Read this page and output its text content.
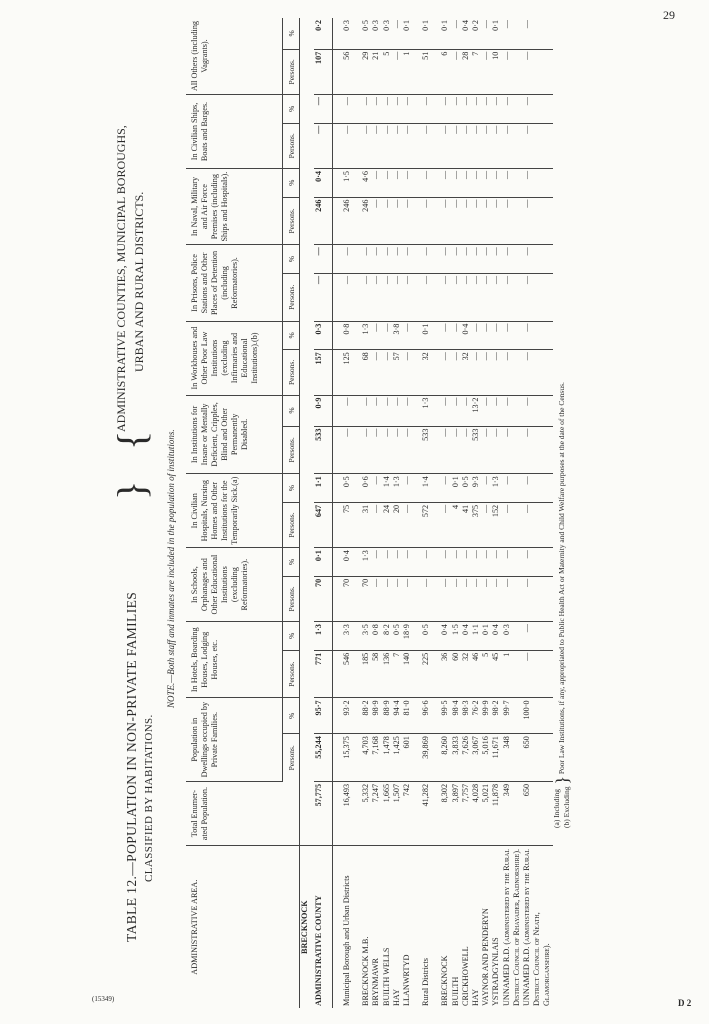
29
(15349)	D 2
TABLE 12.—POPULATION IN NON-PRIVATE FAMILIES CLASSIFIED BY HABITATIONS.
}
{
ADMINISTRATIVE COUNTIES, MUNICIPAL BOROUGHS, URBAN AND RURAL DISTRICTS.
NOTE.—Both staff and inmates are included in the population of institutions.
ADMINISTRATIVE AREA.	Total Enumer- ated Population.	Population in Dwellings occupied by Private Families.		In Hotels, Boarding Houses, Lodging Houses, etc.		In Schools, Orphanages and Other Educational Institutions (excluding Reformatories).		In Civilian Hospitals, Nursing Homes and Other Institutions for the Temporarily Sick.(a)		In Institutions for Insane or Mentally Deficient, Cripples, Blind and Other Permanently Disabled.		In Workhouses and Other Poor Law Institutions (excluding Infirmaries and Educational Institutions).(b)		In Prisons, Police Stations and Other Places of Detention (including Reformatories).		In Naval, Military and Air Force Premises (including Ships and Hospitals).		In Civilian Ships, Boats and Barges.		All Others (including Vagrants).	
		Persons.	%	Persons.	%	Persons.	%	Persons.	%	Persons.	%	Persons.	%	Persons.	%	Persons.	%	Persons.	%	Persons.	%
BRECKNOCK																					
ADMINISTRATIVE COUNTY	57,775	55,244	95·7	771	1·3	70	0·1	647	1·1	533	0·9	157	0·3	—	—	246	0·4	—	—	107	0·2

Municipal Borough and Urban Districts	16,493	15,375	93·2	546	3·3	70	0·4	75	0·5	—	—	125	0·8	—	—	246	1·5	—	—	56	0·3

BRECKNOCK M.B.	5,332	4,703	88·2	185	3·5	70	1·3	31	0·6	—	—	68	1·3	—	—	246	4·6	—	—	29	0·5
BRYNMAWR	7,247	7,168	98·9	58	0·8	—	—	—	—	—	—	—	—	—	—	—	—	—	—	21	0·3
BUILTH WELLS	1,665	1,478	88·9	136	8·2	—	—	24	1·4	—	—	—	—	—	—	—	—	—	—	5	0·3
HAY	1,507	1,425	94·4	7	0·5	—	—	20	1·3	—	—	57	3·8	—	—	—	—	—	—	—	—
LLANWRTYD	742	601	81·0	140	18·9	—	—	—	—	—	—	—	—	—	—	—	—	—	—	1	0·1

Rural Districts	41,282	39,869	96·6	225	0·5	—	—	572	1·4	533	1·3	32	0·1	—	—	—	—	—	—	51	0·1

BRECKNOCK	8,302	8,260	99·5	36	0·4	—	—	—	—	—	—	—	—	—	—	—	—	—	—	6	0·1
BUILTH	3,897	3,833	98·4	60	1·5	—	—	4	0·1	—	—	—	—	—	—	—	—	—	—	—	—
CRICKHOWELL	7,757	7,626	98·3	32	0·4	—	—	41	0·5	—	—	32	0·4	—	—	—	—	—	—	28	0·4
HAY	4,028	3,067	76·2	46	1·1	—	—	375	9·3	533	13·2	—	—	—	—	—	—	—	—	7	0·2
VAYNOR AND PENDERYN	5,021	5,016	99·9	5	0·1	—	—	—	—	—	—	—	—	—	—	—	—	—	—	—	—
YSTRADGYNLAIS	11,878	11,671	98·2	45	0·4	—	—	152	1·3	—	—	—	—	—	—	—	—	—	—	10	0·1
UNNAMED R.D. (administered by the Rural District Council of Rhayader, Radnorshire).	349	348	99·7	1	0·3	—	—	—	—	—	—	—	—	—	—	—	—	—	—	—	—
UNNAMED R.D. (administered by the Rural District Council of Neath, Glamorganshire).	650	650	100·0	—	—	—	—	—	—	—	—	—	—	—	—	—	—	—	—	—	—
(a) Including
(b) Excluding } Poor Law Institutions, if any, appropriated to Public Health Act or Maternity and Child Welfare purposes at the date of the Census.
